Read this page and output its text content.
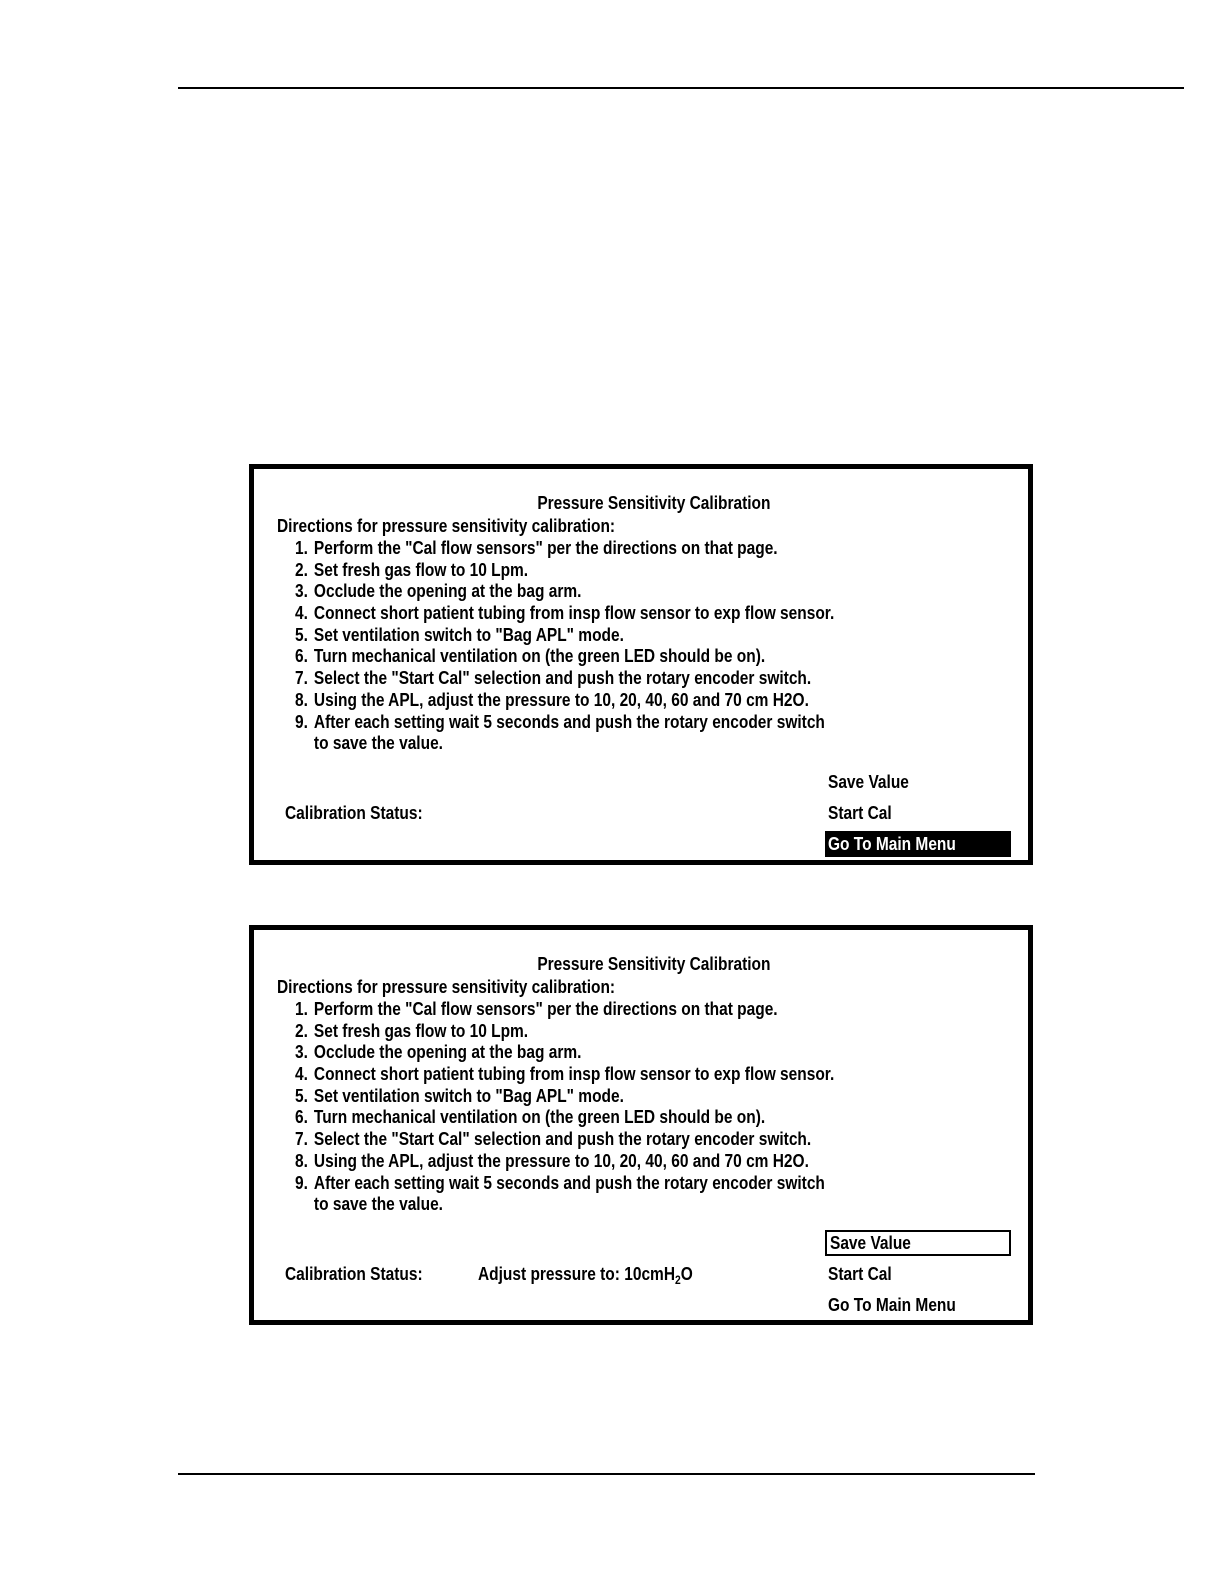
Pressure Sensitivity Calibration
Directions for pressure sensitivity calibration:
1. Perform the "Cal flow sensors" per the directions on that page.
2. Set fresh gas flow to 10 Lpm.
3. Occlude the opening at the bag arm.
4. Connect short patient tubing from insp flow sensor to exp flow sensor.
5. Set ventilation switch to "Bag APL" mode.
6. Turn mechanical ventilation on (the green LED should be on).
7. Select the "Start Cal" selection and push the rotary encoder switch.
8. Using the APL, adjust the pressure to 10, 20, 40, 60 and 70 cm H2O.
9. After each setting wait 5 seconds and push the rotary encoder switch
to save the value.
Calibration Status:
Save Value
Start Cal
Go To Main Menu
Pressure Sensitivity Calibration
Directions for pressure sensitivity calibration:
1. Perform the "Cal flow sensors" per the directions on that page.
2. Set fresh gas flow to 10 Lpm.
3. Occlude the opening at the bag arm.
4. Connect short patient tubing from insp flow sensor to exp flow sensor.
5. Set ventilation switch to "Bag APL" mode.
6. Turn mechanical ventilation on (the green LED should be on).
7. Select the "Start Cal" selection and push the rotary encoder switch.
8. Using the APL, adjust the pressure to 10, 20, 40, 60 and 70 cm H2O.
9. After each setting wait 5 seconds and push the rotary encoder switch
to save the value.
Calibration Status:	Adjust pressure to: 10cmH$_2$O
Save Value
Start Cal
Go To Main Menu
